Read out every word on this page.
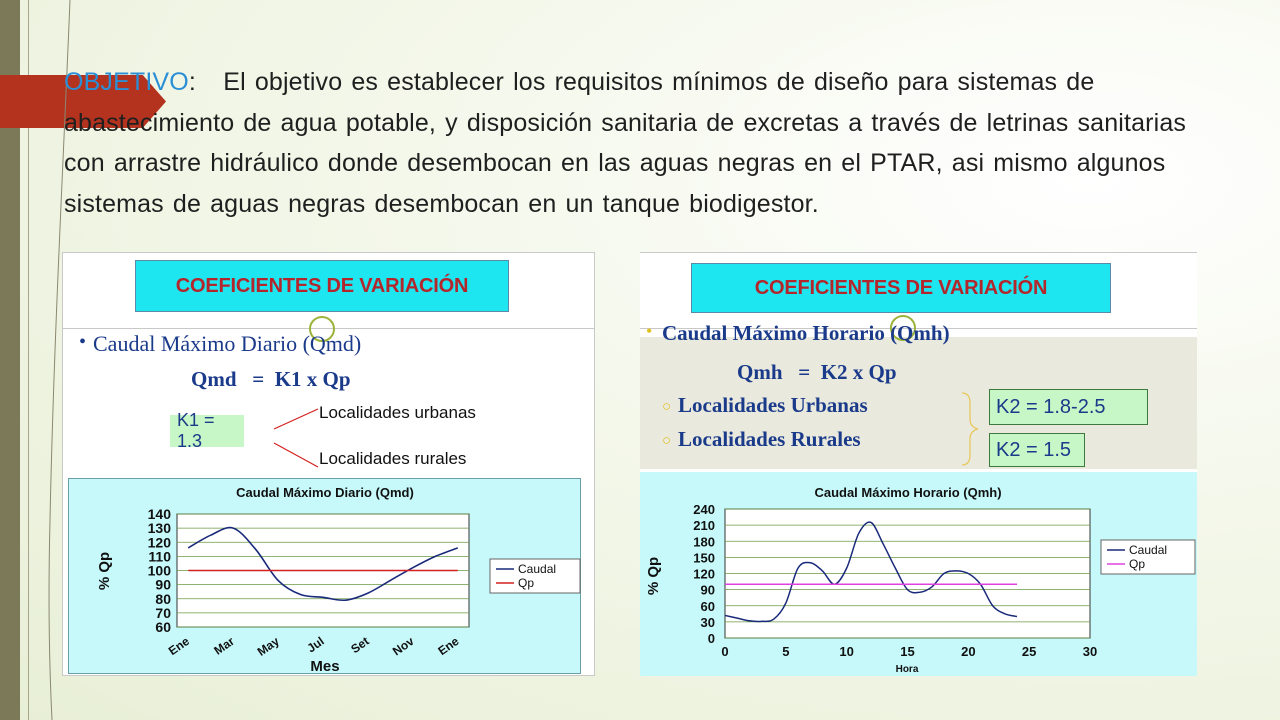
OBJETIVO: El objetivo es establecer los requisitos mínimos de diseño para sistemas de abastecimiento de agua potable, y disposición sanitaria de excretas a través de letrinas sanitarias con arrastre hidráulico donde desembocan en las aguas negras en el PTAR, asi mismo algunos sistemas de aguas negras desembocan en un tanque biodigestor.

COEFICIENTES DE VARIACIÓN
• Caudal Máximo Diario (Qmd)
Qmd   =  K1 x Qp
K1 = 1.3
Localidades urbanas
Localidades rurales
Caudal Máximo Diario (Qmd)
60
70
80
90
100
110
120
130
140
Ene Mar May Jul Set Nov Ene
Mes
% Qp	Caudal
Qp
COEFICIENTES DE VARIACIÓN
• Caudal Máximo Horario (Qmh)
Qmh   =  K2 x Qp
○ Localidades Urbanas
○ Localidades Rurales
K2 = 1.8-2.5
K2 = 1.5
Caudal Máximo Horario (Qmh)
0
30
60
90
120
150
180
210
240
0	5	10	15	20	25	30
Hora
% Qp
Caudal
Qp
